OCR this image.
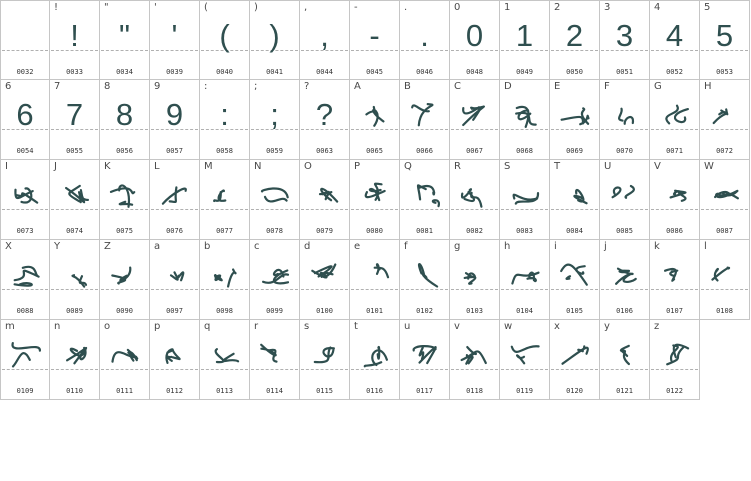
0032
!
!
0033
"
"
0034
'
'
0039
(
(
0040
)
)
0041
,
,
0044
-
-
0045
.
.
0046
0
0
0048
1
1
0049
2
2
0050
3
3
0051
4
4
0052
5
5
0053
6
6
0054
7
7
0055
8
8
0056
9
9
0057
:
:
0058
;
;
0059
?
?
0063
A
0065
B
0066
C
0067
D
0068
E
0069
F
0070
G
0071
H
0072
I
0073
J
0074
K
0075
L
0076
M
0077
N
0078
O
0079
P
0080
Q
0081
R
0082
S
0083
T
0084
U
0085
V
0086
W
0087
X
0088
Y
0089
Z
0090
a
0097
b
0098
c
0099
d
0100
e
0101
f
0102
g
0103
h
0104
i
0105
j
0106
k
0107
l
0108
m
0109
n
0110
o
0111
p
0112
q
0113
r
0114
s
0115
t
0116
u
0117
v
0118
w
0119
x
0120
y
0121
z
0122
